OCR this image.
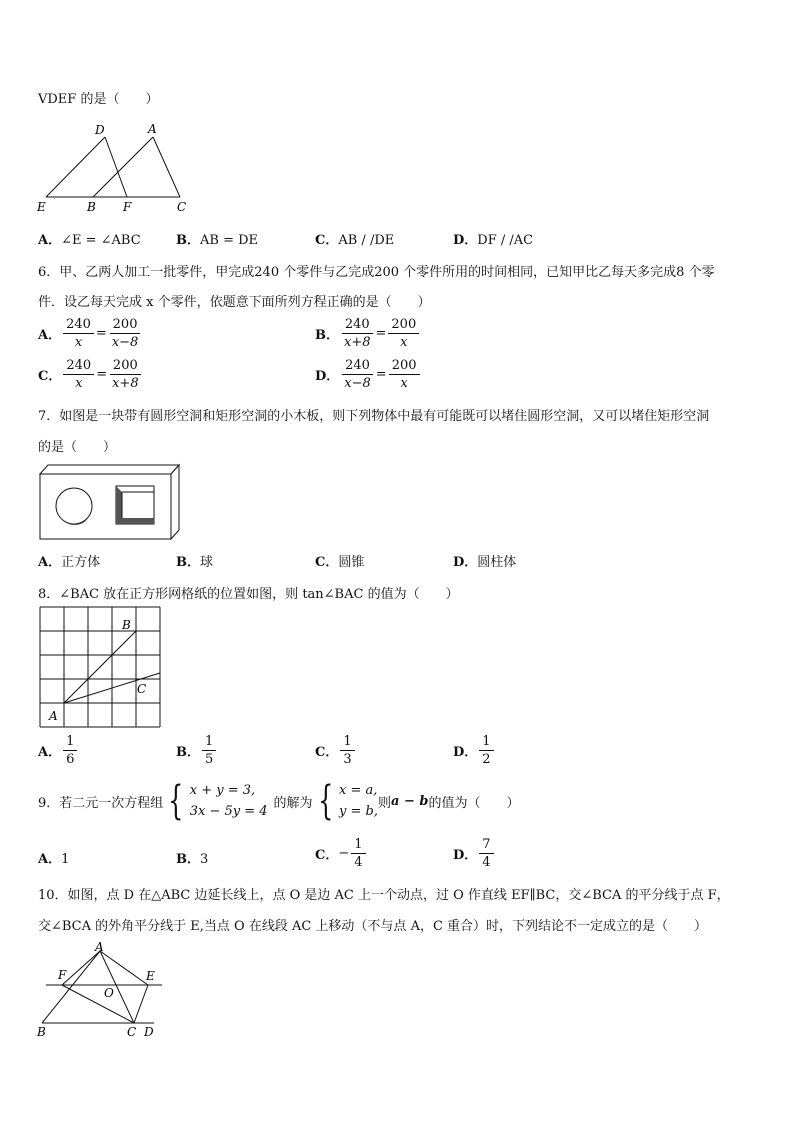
VDEF 的是（　　）
D	A
E	B F	C
A．∠E = ∠ABC	B．AB = DE	C．AB / /DE	D．DF / /AC
6．甲、乙两人加工一批零件，甲完成240 个零件与乙完成200 个零件所用的时间相同，已知甲比乙每天多完成8 个零
件．设乙每天完成 x 个零件，依题意下面所列方程正确的是（　　）
A． $\frac{240}{x} = \frac{200}{x-8}$	B． $\frac{240}{x+8} = \frac{200}{x}$
C． $\frac{240}{x} = \frac{200}{x+8}$	D． $\frac{240}{x-8} = \frac{200}{x}$
7．如图是一块带有圆形空洞和矩形空洞的小木板，则下列物体中最有可能既可以堵住圆形空洞，又可以堵住矩形空洞
的是（　　）
A．正方体	B．球	C．圆锥	D．圆柱体
8．∠BAC 放在正方形网格纸的位置如图，则 tan∠BAC 的值为（　　）
B
C
A
A． $\frac{1}{6}$	B． $\frac{1}{5}$	C． $\frac{1}{3}$	D． $\frac{1}{2}$
9．若二元一次方程组 { x + y = 3,
3x − 5y = 4
的解为 { x = a,
y = b,
则 a − b 的值为（　　）
A．1	B．3	C． − $\frac{1}{4}$	D． $\frac{7}{4}$
10．如图，点 D 在△ABC 边延长线上，点 O 是边 AC 上一个动点，过 O 作直线 EF∥BC，交∠BCA 的平分线于点 F，
交∠BCA 的外角平分线于 E,当点 O 在线段 AC 上移动（不与点 A，C 重合）时，下列结论不一定成立的是（　　）
A
F	E
O
B	C D
